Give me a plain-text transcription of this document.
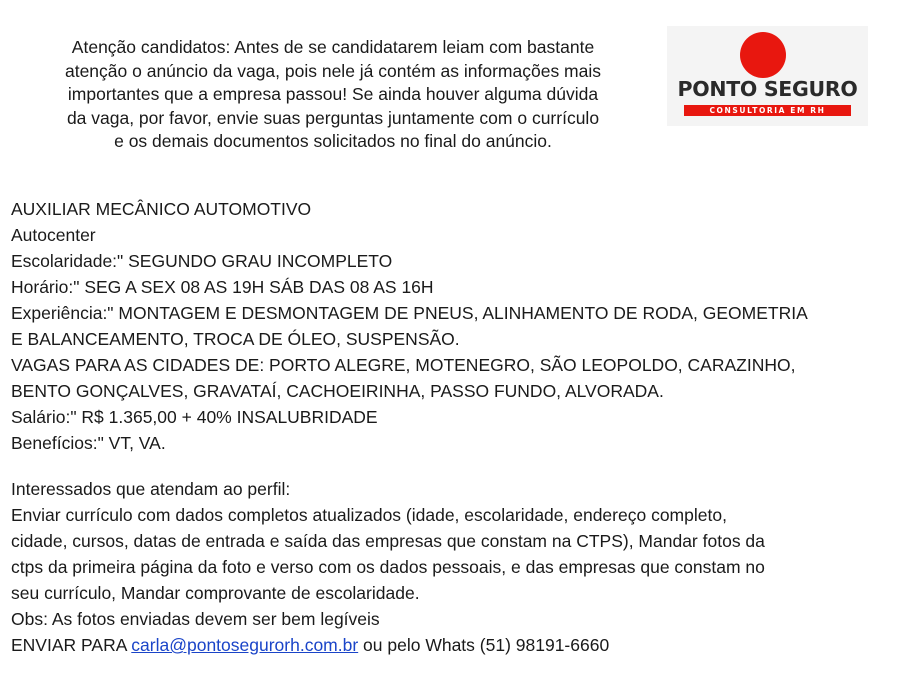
Atenção candidatos: Antes de se candidatarem leiam com bastante
atenção o anúncio da vaga, pois nele já contém as informações mais
importantes que a empresa passou! Se ainda houver alguma dúvida
da vaga, por favor, envie suas perguntas juntamente com o currículo
e os demais documentos solicitados no final do anúncio.
PONTO SEGURO
CONSULTORIA EM RH
AUXILIAR MECÂNICO AUTOMOTIVO
Autocenter
Escolaridade:" SEGUNDO GRAU INCOMPLETO
Horário:" SEG A SEX 08 AS 19H SÁB DAS 08 AS 16H
Experiência:" MONTAGEM E DESMONTAGEM DE PNEUS, ALINHAMENTO DE RODA, GEOMETRIA
E BALANCEAMENTO, TROCA DE ÓLEO, SUSPENSÃO.
VAGAS PARA AS CIDADES DE: PORTO ALEGRE, MOTENEGRO, SÃO LEOPOLDO, CARAZINHO,
BENTO GONÇALVES, GRAVATAÍ, CACHOEIRINHA, PASSO FUNDO, ALVORADA.
Salário:" R$ 1.365,00 + 40% INSALUBRIDADE
Benefícios:" VT, VA.
Interessados que atendam ao perfil:
Enviar currículo com dados completos atualizados (idade, escolaridade, endereço completo,
cidade, cursos, datas de entrada e saída das empresas que constam na CTPS), Mandar fotos da
ctps da primeira página da foto e verso com os dados pessoais, e das empresas que constam no
seu currículo, Mandar comprovante de escolaridade.
Obs: As fotos enviadas devem ser bem legíveis
ENVIAR PARA carla@pontosegurorh.com.br ou pelo Whats (51) 98191-6660
